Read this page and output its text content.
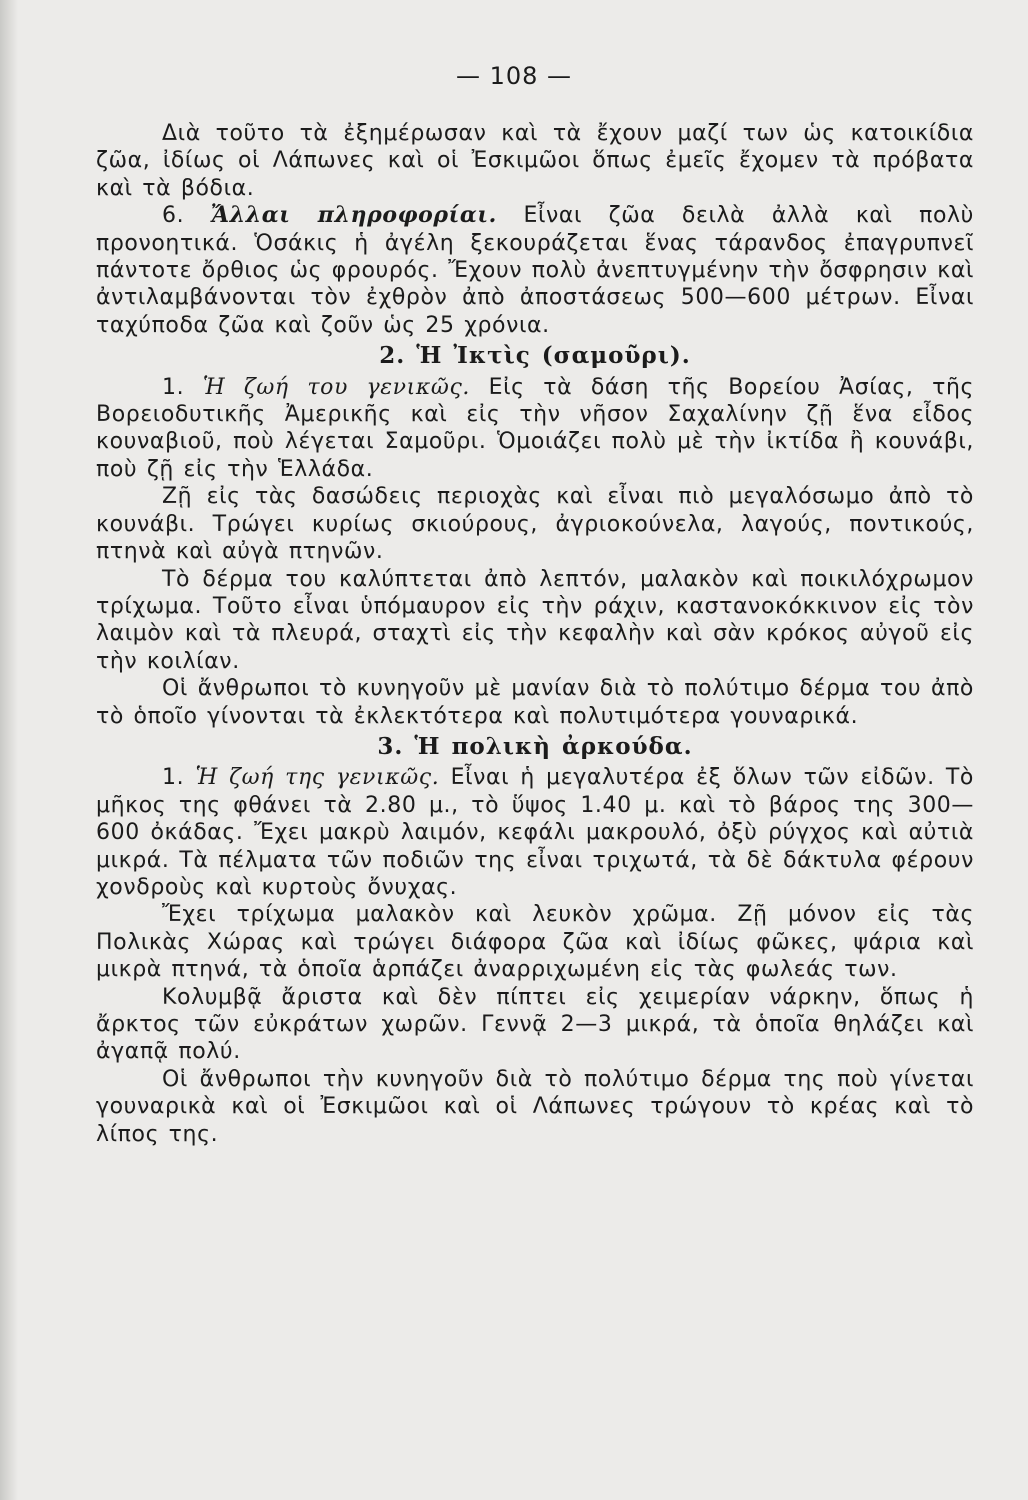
— 108 —

Διὰ τοῦτο τὰ ἐξημέρωσαν καὶ τὰ ἔχουν μαζί των ὡς κατοικίδια ζῶα, ἰδίως οἱ Λάπωνες καὶ οἱ Ἐσκιμῶοι ὅπως ἐμεῖς ἔχομεν τὰ πρόβατα καὶ τὰ βόδια.

6. Ἄλλαι πληροφορίαι. Εἶναι ζῶα δειλὰ ἀλλὰ καὶ πολὺ προνοητικά. Ὁσάκις ἡ ἀγέλη ξεκουράζεται ἕνας τάρανδος ἐπαγρυπνεῖ πάντοτε ὄρθιος ὡς φρουρός. Ἔχουν πολὺ ἀνεπτυγμένην τὴν ὄσφρησιν καὶ ἀντιλαμβάνονται τὸν ἐχθρὸν ἀπὸ ἀποστάσεως 500—600 μέτρων. Εἶναι ταχύποδα ζῶα καὶ ζοῦν ὡς 25 χρόνια.

2. Ἡ Ἰκτὶς (σαμοῦρι).

1. Ἡ ζωή του γενικῶς. Εἰς τὰ δάση τῆς Βορείου Ἀσίας, τῆς Βορειοδυτικῆς Ἀμερικῆς καὶ εἰς τὴν νῆσον Σαχαλίνην ζῇ ἕνα εἶδος κουναβιοῦ, ποὺ λέγεται Σαμοῦρι. Ὁμοιάζει πολὺ μὲ τὴν ἰκτίδα ἢ κουνάβι, ποὺ ζῇ εἰς τὴν Ἑλλάδα.

Ζῇ εἰς τὰς δασώδεις περιοχὰς καὶ εἶναι πιὸ μεγαλόσωμο ἀπὸ τὸ κουνάβι. Τρώγει κυρίως σκιούρους, ἀγριοκούνελα, λαγούς, ποντικούς, πτηνὰ καὶ αὐγὰ πτηνῶν.

Τὸ δέρμα του καλύπτεται ἀπὸ λεπτόν, μαλακὸν καὶ ποικιλόχρωμον τρίχωμα. Τοῦτο εἶναι ὑπόμαυρον εἰς τὴν ράχιν, καστανοκόκκινον εἰς τὸν λαιμὸν καὶ τὰ πλευρά, σταχτὶ εἰς τὴν κεφαλὴν καὶ σὰν κρόκος αὐγοῦ εἰς τὴν κοιλίαν.

Οἱ ἄνθρωποι τὸ κυνηγοῦν μὲ μανίαν διὰ τὸ πολύτιμο δέρμα του ἀπὸ τὸ ὁποῖο γίνονται τὰ ἐκλεκτότερα καὶ πολυτιμότερα γουναρικά.

3. Ἡ πολικὴ ἀρκούδα.

1. Ἡ ζωή της γενικῶς. Εἶναι ἡ μεγαλυτέρα ἐξ ὅλων τῶν εἰδῶν. Τὸ μῆκος της φθάνει τὰ 2.80 μ., τὸ ὕψος 1.40 μ. καὶ τὸ βάρος της 300—600 ὀκάδας. Ἔχει μακρὺ λαιμόν, κεφάλι μακρουλό, ὀξὺ ρύγχος καὶ αὐτιὰ μικρά. Τὰ πέλματα τῶν ποδιῶν της εἶναι τριχωτά, τὰ δὲ δάκτυλα φέρουν χονδροὺς καὶ κυρτοὺς ὄνυχας.

Ἔχει τρίχωμα μαλακὸν καὶ λευκὸν χρῶμα. Ζῇ μόνον εἰς τὰς Πολικὰς Χώρας καὶ τρώγει διάφορα ζῶα καὶ ἰδίως φῶκες, ψάρια καὶ μικρὰ πτηνά, τὰ ὁποῖα ἁρπάζει ἀναρριχωμένη εἰς τὰς φωλεάς των.

Κολυμβᾷ ἄριστα καὶ δὲν πίπτει εἰς χειμερίαν νάρκην, ὅπως ἡ ἄρκτος τῶν εὐκράτων χωρῶν. Γεννᾷ 2—3 μικρά, τὰ ὁποῖα θηλάζει καὶ ἀγαπᾷ πολύ.

Οἱ ἄνθρωποι τὴν κυνηγοῦν διὰ τὸ πολύτιμο δέρμα της ποὺ γίνεται γουναρικὰ καὶ οἱ Ἐσκιμῶοι καὶ οἱ Λάπωνες τρώγουν τὸ κρέας καὶ τὸ λίπος της.
